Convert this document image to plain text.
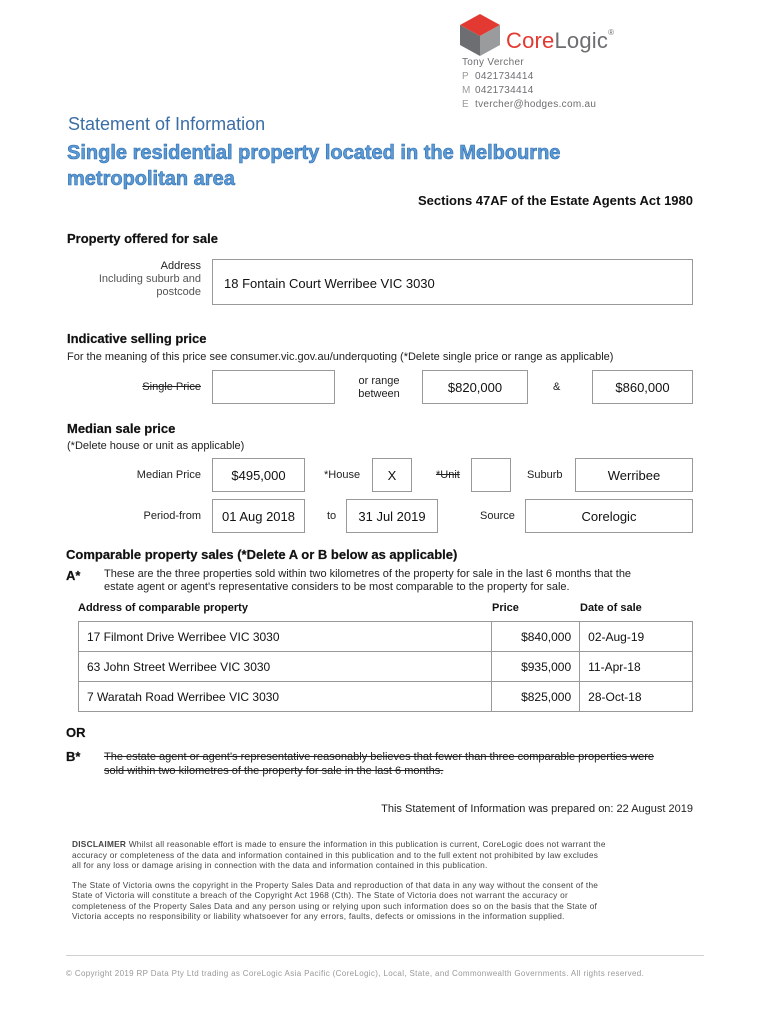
CoreLogic®
Tony Vercher
P 0421734414
M 0421734414
E tvercher@hodges.com.au
Statement of Information
Single residential property located in the Melbourne
metropolitan area
Sections 47AF of the Estate Agents Act 1980
Property offered for sale
Address
Including suburb and
postcode
18 Fontain Court Werribee VIC 3030
Indicative selling price
For the meaning of this price see consumer.vic.gov.au/underquoting (*Delete single price or range as applicable)
Single Price	or range
between	$820,000	&	$860,000
Median sale price
(*Delete house or unit as applicable)
Median Price	$495,000	*House	X	*Unit	Suburb	Werribee
Period-from	01 Aug 2018	to	31 Jul 2019	Source	Corelogic
Comparable property sales (*Delete A or B below as applicable)
A* These are the three properties sold within two kilometres of the property for sale in the last 6 months that the
estate agent or agent's representative considers to be most comparable to the property for sale.
Address of comparable property	Price	Date of sale
17 Filmont Drive Werribee VIC 3030	$840,000	02-Aug-19
63 John Street Werribee VIC 3030	$935,000	11-Apr-18
7 Waratah Road Werribee VIC 3030	$825,000	28-Oct-18
OR
B* The estate agent or agent's representative reasonably believes that fewer than three comparable properties were
sold within two kilometres of the property for sale in the last 6 months.
This Statement of Information was prepared on: 22 August 2019
DISCLAIMER Whilst all reasonable effort is made to ensure the information in this publication is current, CoreLogic does not warrant the
accuracy or completeness of the data and information contained in this publication and to the full extent not prohibited by law excludes
all for any loss or damage arising in connection with the data and information contained in this publication.
The State of Victoria owns the copyright in the Property Sales Data and reproduction of that data in any way without the consent of the
State of Victoria will constitute a breach of the Copyright Act 1968 (Cth). The State of Victoria does not warrant the accuracy or
completeness of the Property Sales Data and any person using or relying upon such information does so on the basis that the State of
Victoria accepts no responsibility or liability whatsoever for any errors, faults, defects or omissions in the information supplied.
© Copyright 2019 RP Data Pty Ltd trading as CoreLogic Asia Pacific (CoreLogic), Local, State, and Commonwealth Governments. All rights reserved.
